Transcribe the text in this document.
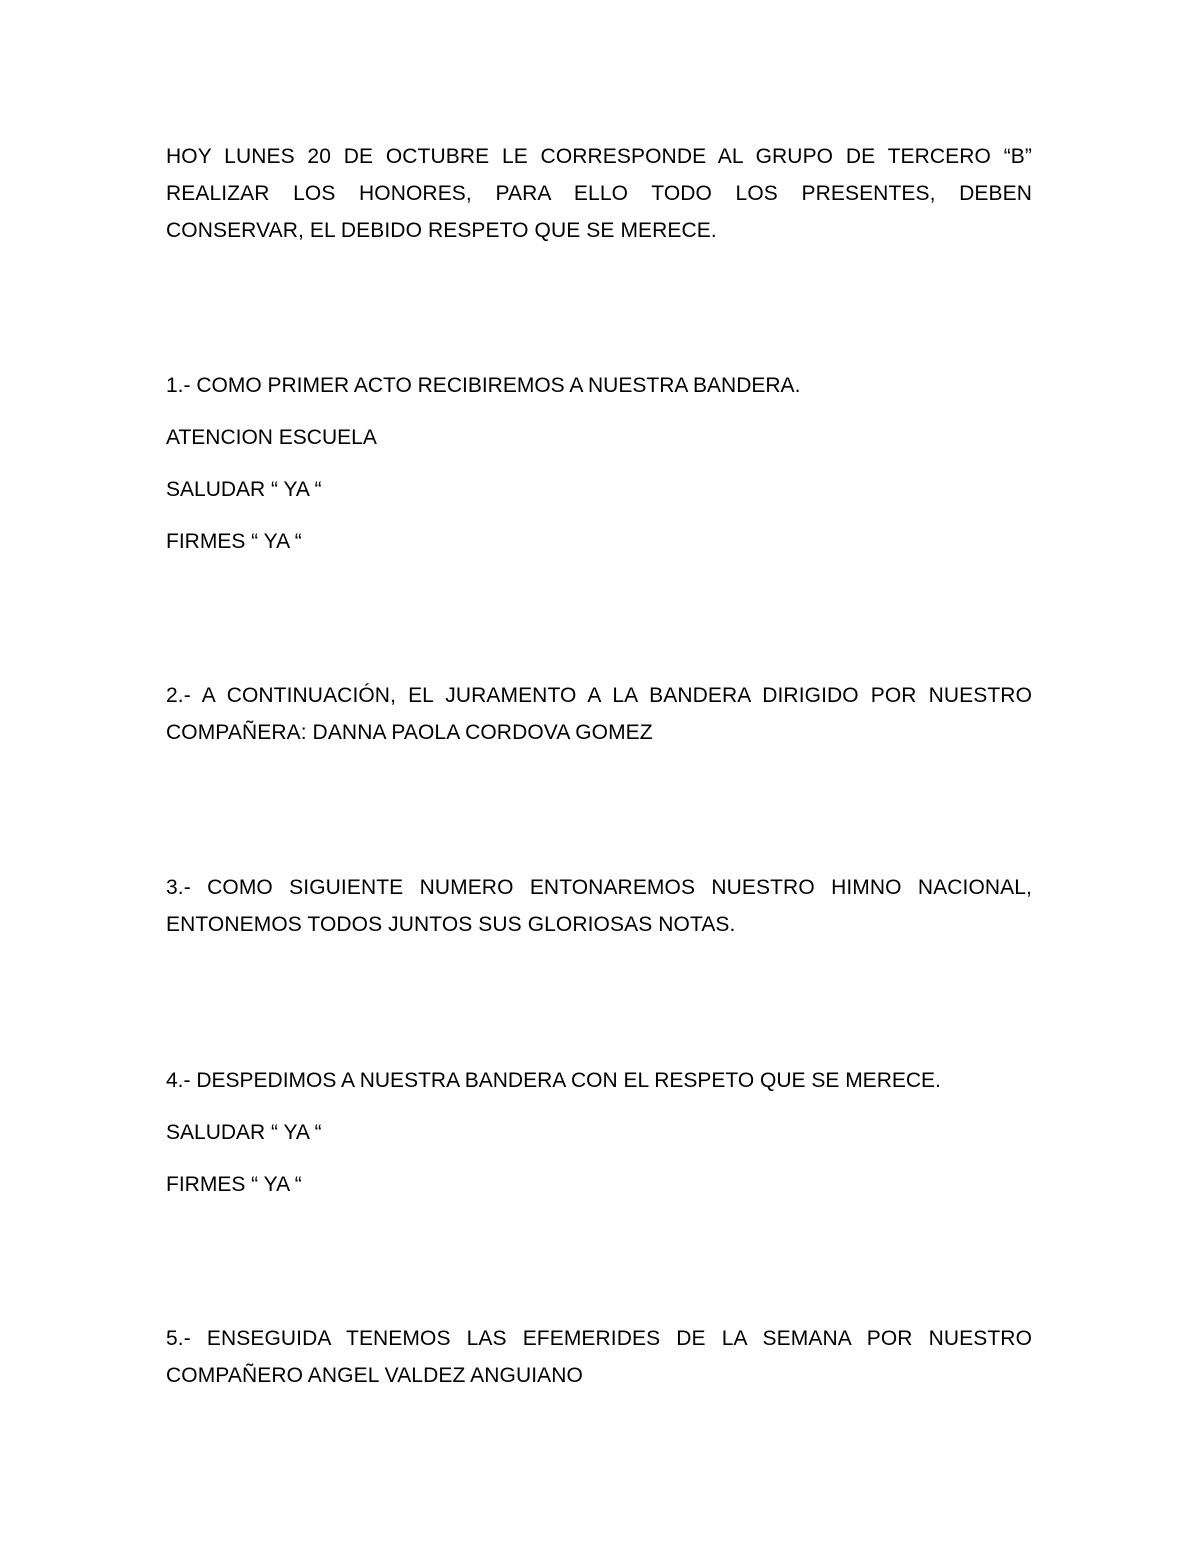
HOY LUNES 20 DE OCTUBRE LE CORRESPONDE AL GRUPO DE TERCERO “B” REALIZAR LOS HONORES, PARA ELLO TODO LOS PRESENTES, DEBEN CONSERVAR, EL DEBIDO RESPETO QUE SE MERECE.

1.- COMO PRIMER ACTO RECIBIREMOS A NUESTRA BANDERA.

ATENCION ESCUELA

SALUDAR “ YA “

FIRMES “ YA “

2.- A CONTINUACIÓN, EL JURAMENTO A LA BANDERA DIRIGIDO POR NUESTRO COMPAÑERA: DANNA PAOLA CORDOVA GOMEZ

3.- COMO SIGUIENTE NUMERO ENTONAREMOS NUESTRO HIMNO NACIONAL, ENTONEMOS TODOS JUNTOS SUS GLORIOSAS NOTAS.

4.- DESPEDIMOS A NUESTRA BANDERA CON EL RESPETO QUE SE MERECE.

SALUDAR “ YA “

FIRMES “ YA “

5.- ENSEGUIDA TENEMOS LAS EFEMERIDES DE LA SEMANA POR NUESTRO COMPAÑERO ANGEL VALDEZ ANGUIANO
